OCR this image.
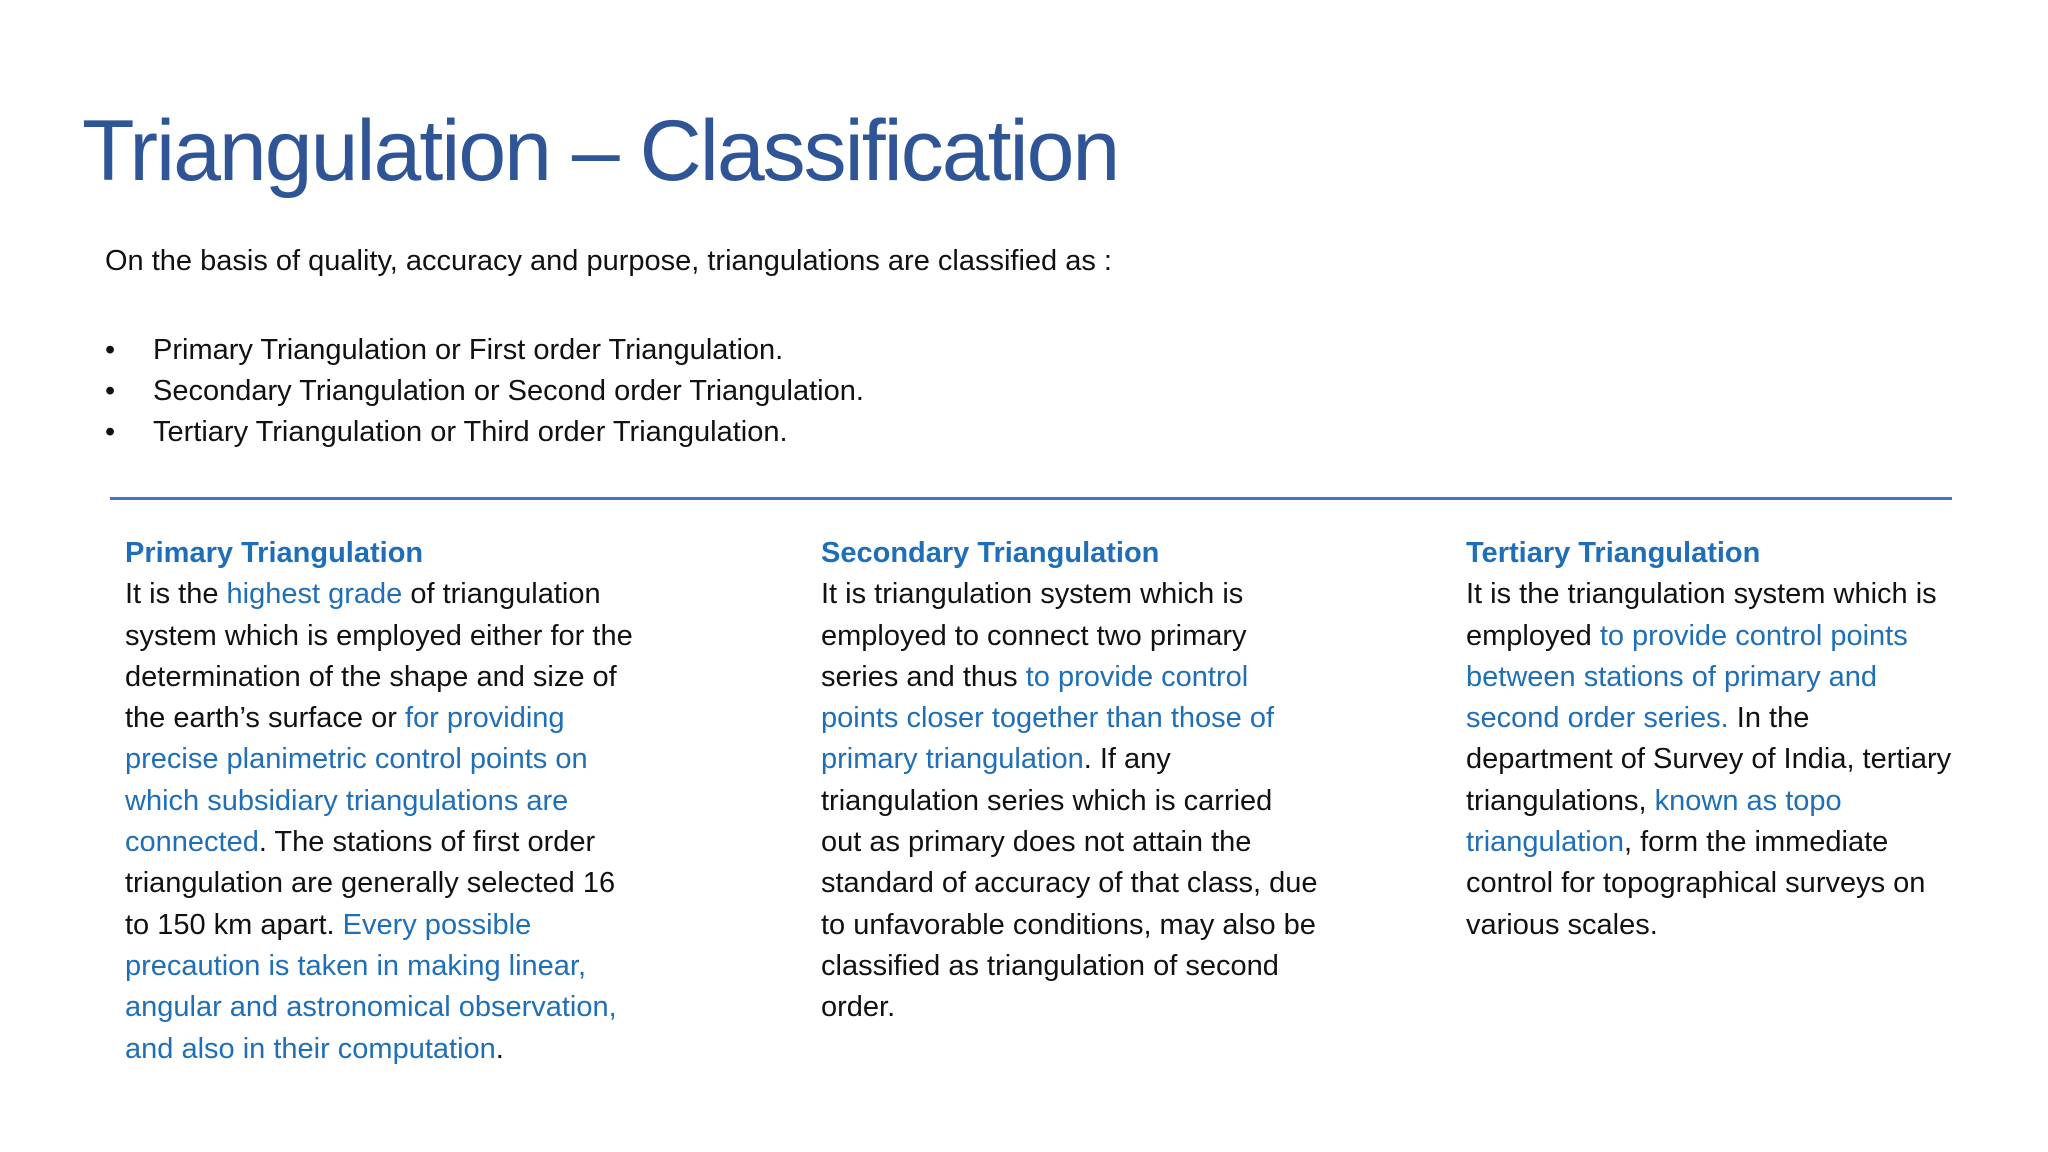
Triangulation – Classification

On the basis of quality, accuracy and purpose, triangulations are classified as :

• Primary Triangulation or First order Triangulation.
• Secondary Triangulation or Second order Triangulation.
• Tertiary Triangulation or Third order Triangulation.
Primary Triangulation
It is the highest grade of triangulation
system which is employed either for the
determination of the shape and size of
the earth’s surface or for providing
precise planimetric control points on
which subsidiary triangulations are
connected. The stations of first order
triangulation are generally selected 16
to 150 km apart. Every possible
precaution is taken in making linear,
angular and astronomical observation,
and also in their computation.
Secondary Triangulation
It is triangulation system which is
employed to connect two primary
series and thus to provide control
points closer together than those of
primary triangulation. If any
triangulation series which is carried
out as primary does not attain the
standard of accuracy of that class, due
to unfavorable conditions, may also be
classified as triangulation of second
order.
Tertiary Triangulation
It is the triangulation system which is
employed to provide control points
between stations of primary and
second order series. In the
department of Survey of India, tertiary
triangulations, known as topo
triangulation, form the immediate
control for topographical surveys on
various scales.
